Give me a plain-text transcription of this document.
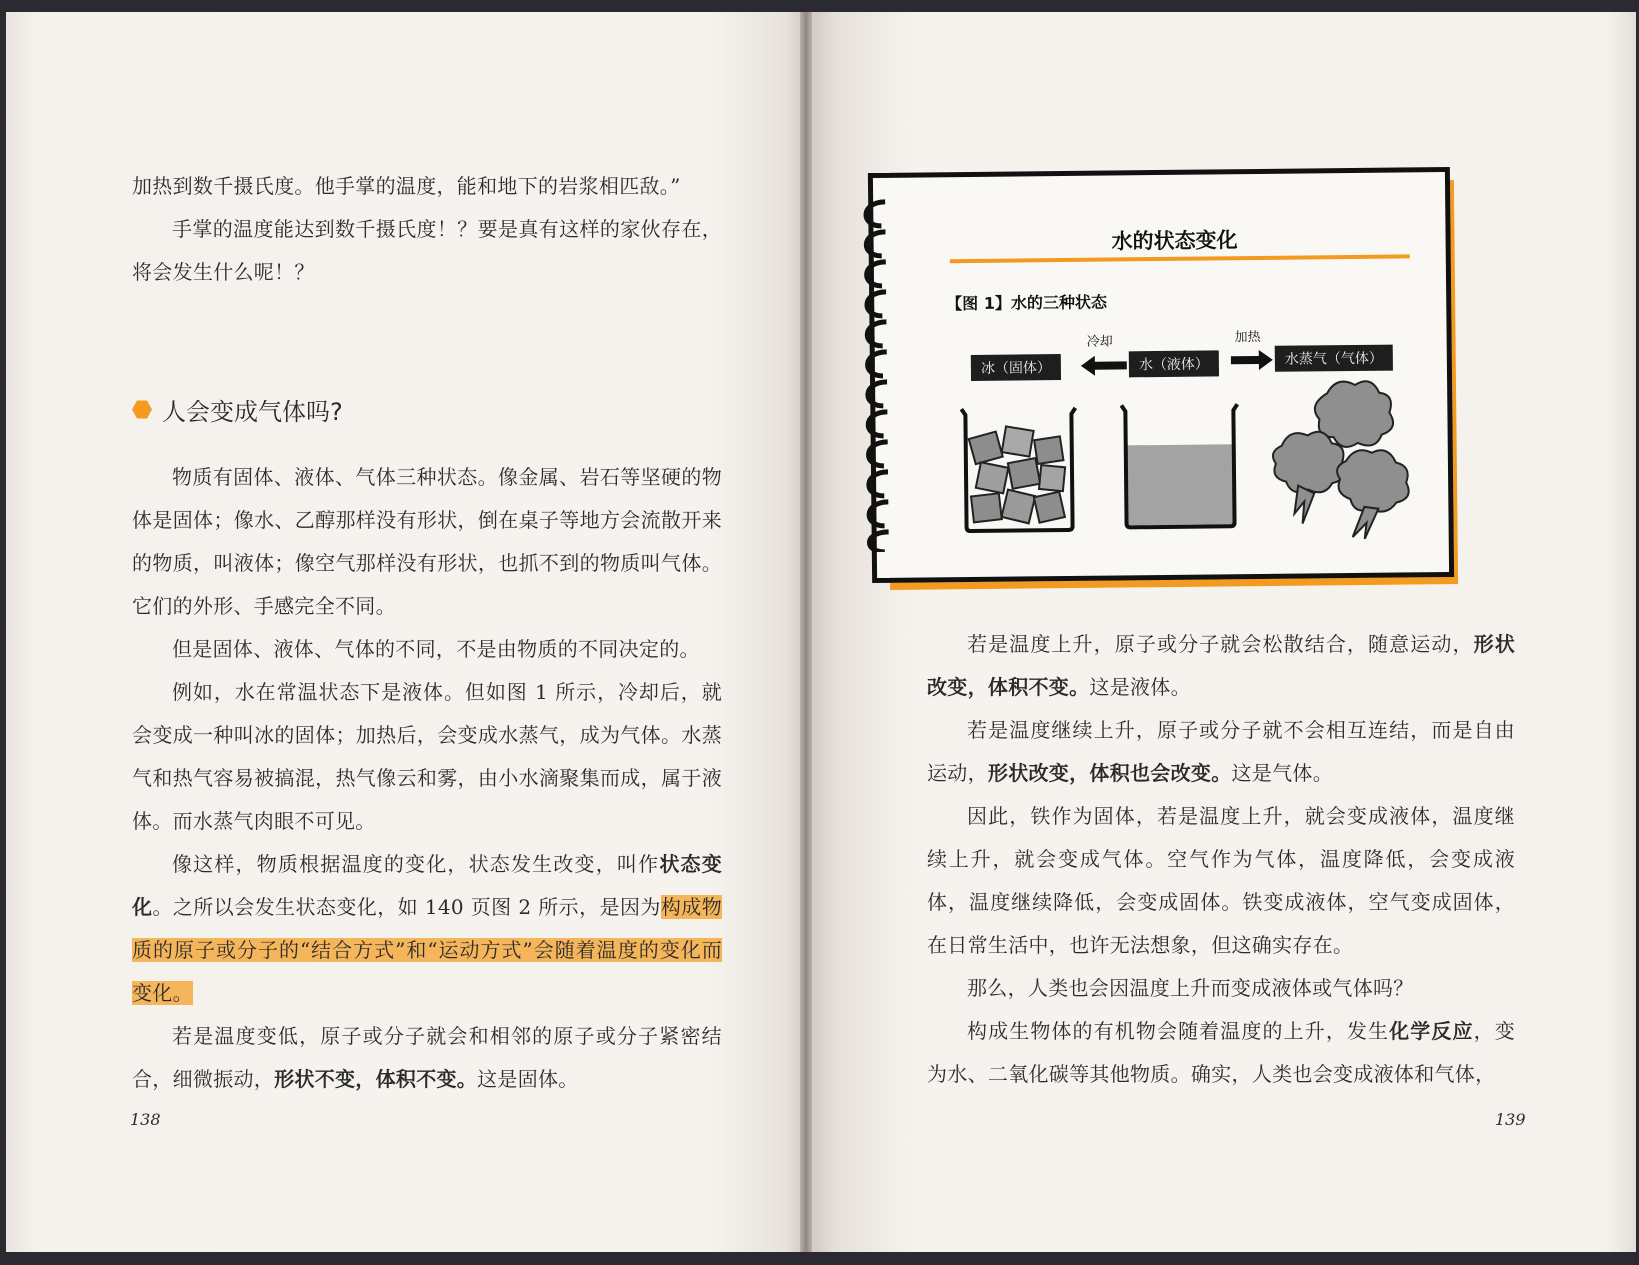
加热到数千摄氏度。他手掌的温度，能和地下的岩浆相匹敌。”

手掌的温度能达到数千摄氏度！？要是真有这样的家伙存在，将会发生什么呢！？

人会变成气体吗?

物质有固体、液体、气体三种状态。像金属、岩石等坚硬的物体是固体；像水、乙醇那样没有形状，倒在桌子等地方会流散开来的物质，叫液体；像空气那样没有形状，也抓不到的物质叫气体。它们的外形、手感完全不同。

但是固体、液体、气体的不同，不是由物质的不同决定的。

例如，水在常温状态下是液体。但如图 1 所示，冷却后，就会变成一种叫冰的固体；加热后，会变成水蒸气，成为气体。水蒸气和热气容易被搞混，热气像云和雾，由小水滴聚集而成，属于液体。而水蒸气肉眼不可见。

像这样，物质根据温度的变化，状态发生改变，叫作状态变化。之所以会发生状态变化，如 140 页图 2 所示，是因为构成物质的原子或分子的“结合方式”和“运动方式”会随着温度的变化而变化。

若是温度变低，原子或分子就会和相邻的原子或分子紧密结合，细微振动，形状不变，体积不变。这是固体。

138
水的状态变化
【图 1】水的三种状态
冷却	加热
冰（固体）	水（液体）	水蒸气（气体）

若是温度上升，原子或分子就会松散结合，随意运动，形状改变，体积不变。这是液体。

若是温度继续上升，原子或分子就不会相互连结，而是自由运动，形状改变，体积也会改变。这是气体。

因此，铁作为固体，若是温度上升，就会变成液体，温度继续上升，就会变成气体。空气作为气体，温度降低，会变成液体，温度继续降低，会变成固体。铁变成液体，空气变成固体，在日常生活中，也许无法想象，但这确实存在。

那么，人类也会因温度上升而变成液体或气体吗？

构成生物体的有机物会随着温度的上升，发生化学反应，变为水、二氧化碳等其他物质。确实，人类也会变成液体和气体，

139
